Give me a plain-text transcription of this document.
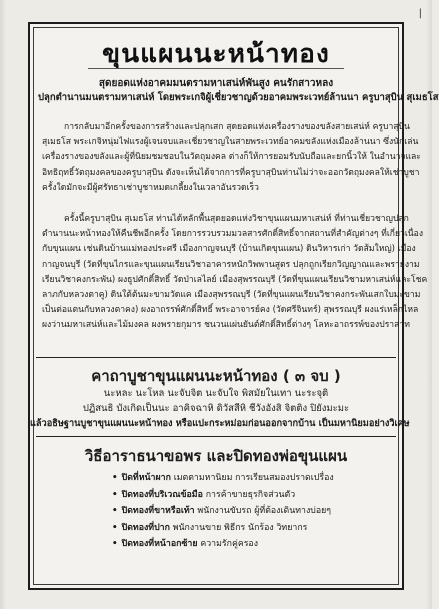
|
ขุนแผนนะหน้าทอง
สุดยอดแห่งอาคมมนตรามหาเสน่ห์พันสูง คนรักสาวหลง
ปลุกตำนานมนตรามหาเสน่ห์ โดยพระเกจิผู้เชี่ยวชาญด้วยอาคมพระเวทย์ล้านนา ครูบาสุบิน สุเมธโส
การกลับมาอีกครั้งของการสร้างและปลุกเสก สุดยอดแห่งเครื่องรางของขลังสายเสน่ห์ ครูบาสุบิน
สุเมธโส พระเกจิหนุ่มไฟแรงผู้เจนจบและเชี่ยวชาญในสายพระเวทย์อาคมขลังแห่งเมืองล้านนา ซึ่งนักเล่น
เครื่องรางของขลังและผู้ที่นิยมชมชอบในวัตถุมงคล ต่างก็ให้การยอมรับนับถือและยกนิ้วให้ ในอำนาจและ
อิทธิฤทธิ์วัตถุมงคลของครูบาสุบิน ดังจะเห็นได้จากการที่ครูบาสุบินท่านไม่ว่าจะออกวัตถุมงคลให้เช่าบูชา
ครั้งใดมักจะมีผู้ศรัทธาเช่าบูชาหมดเกลี้ยงในเวลาอันรวดเร็ว
ครั้งนี้ครูบาสุบิน สุเมธโส ท่านได้หลักพื้นสุดยอดแห่งวิชาขุนแผนมหาเสน่ห์ ที่ท่านเชี่ยวชาญปลุก
ตำนานนะหน้าทองให้คืนชีพอีกครั้ง โดยการรวบรวมมวลสารศักดิ์สิทธิ์จากสถานที่สำคัญต่างๆ ที่เกี่ยวเนื่อง
กับขุนแผน เช่นดินบ้านแม่ทองประศรี เมืองกาญจนบุรี (บ้านเกิดขุนแผน) ดินวิหารเก่า วัดส้มใหญ่) เมือง
กาญจนบุรี (วัดที่ขุนไกรและขุนแผนเรียนวิชาอาคารหนักวิพพานสูตร ปลุกถูกเรียกวิญญาณและพรายงาม
เรียนวิชาคงกระพัน) ผงธูปศักดิ์สิทธิ์ วัดป่าเลไลย์ เมืองสุพรรณบุรี (วัดที่ขุนแผนเรียนวิชามหาเสน่ห์และโชค
ลาภกับหลวงตาคู) ดินใต้ต้นมะขามวัดแค เมืองสุพรรณบุรี (วัดที่ขุนแผนเรียนวิชาคงกระพันเสกใบมะขาม
เป็นต่อแตนกับหลวงตาคง) ผงอาถรรพ์ศักดิ์สิทธิ์ พระอาจารย์คง (วัดศรีจินทร์) สุพรรณบุรี ผงแร่เหล็กไหล
ผงว่านมหาเสน่ห์และไม้มงคล ผงพรายกุมาร ชนวนแผ่นยันต์ศักดิ์สิทธิ์ต่างๆ โลหะอาถรรพ์ของปราสาท
คาถาบูชาขุนแผนนะหน้าทอง ( ๓ จบ )
นะหละ นะโหล นะจับจิต นะจับใจ พิสมัยในเทา นะระจุติ
ปฏิสนธิ บังเกิดเป็นนะ อาคิจฉาหิ ดิวัสสีหิ ชีวังอังสิ จิตติง ปิยังมะมะ
แล้วอธิษฐานบูชาขุนแผนนะหน้าทอง หรือแปะกระหม่อมก่อนออกจากบ้าน เป็นมหานิยมอย่างวิเศษ
วิธีอาราธนาขอพร และปิดทองพ่อขุนแผน
• ปิดที่หน้าผาก เมตตามหานิยม การเรียนสมองปราดเปรื่อง
• ปิดทองที่บริเวณข้อมือ การค้าขายธุรกิจส่วนตัว
• ปิดทองที่ขาหรือเท้า พนักงานขับรถ ผู้ที่ต้องเดินทางบ่อยๆ
• ปิดทองที่ปาก พนักงานขาย พิธีกร นักร้อง วิทยากร
• ปิดทองที่หน้าอกซ้าย ความรักคู่ครอง
